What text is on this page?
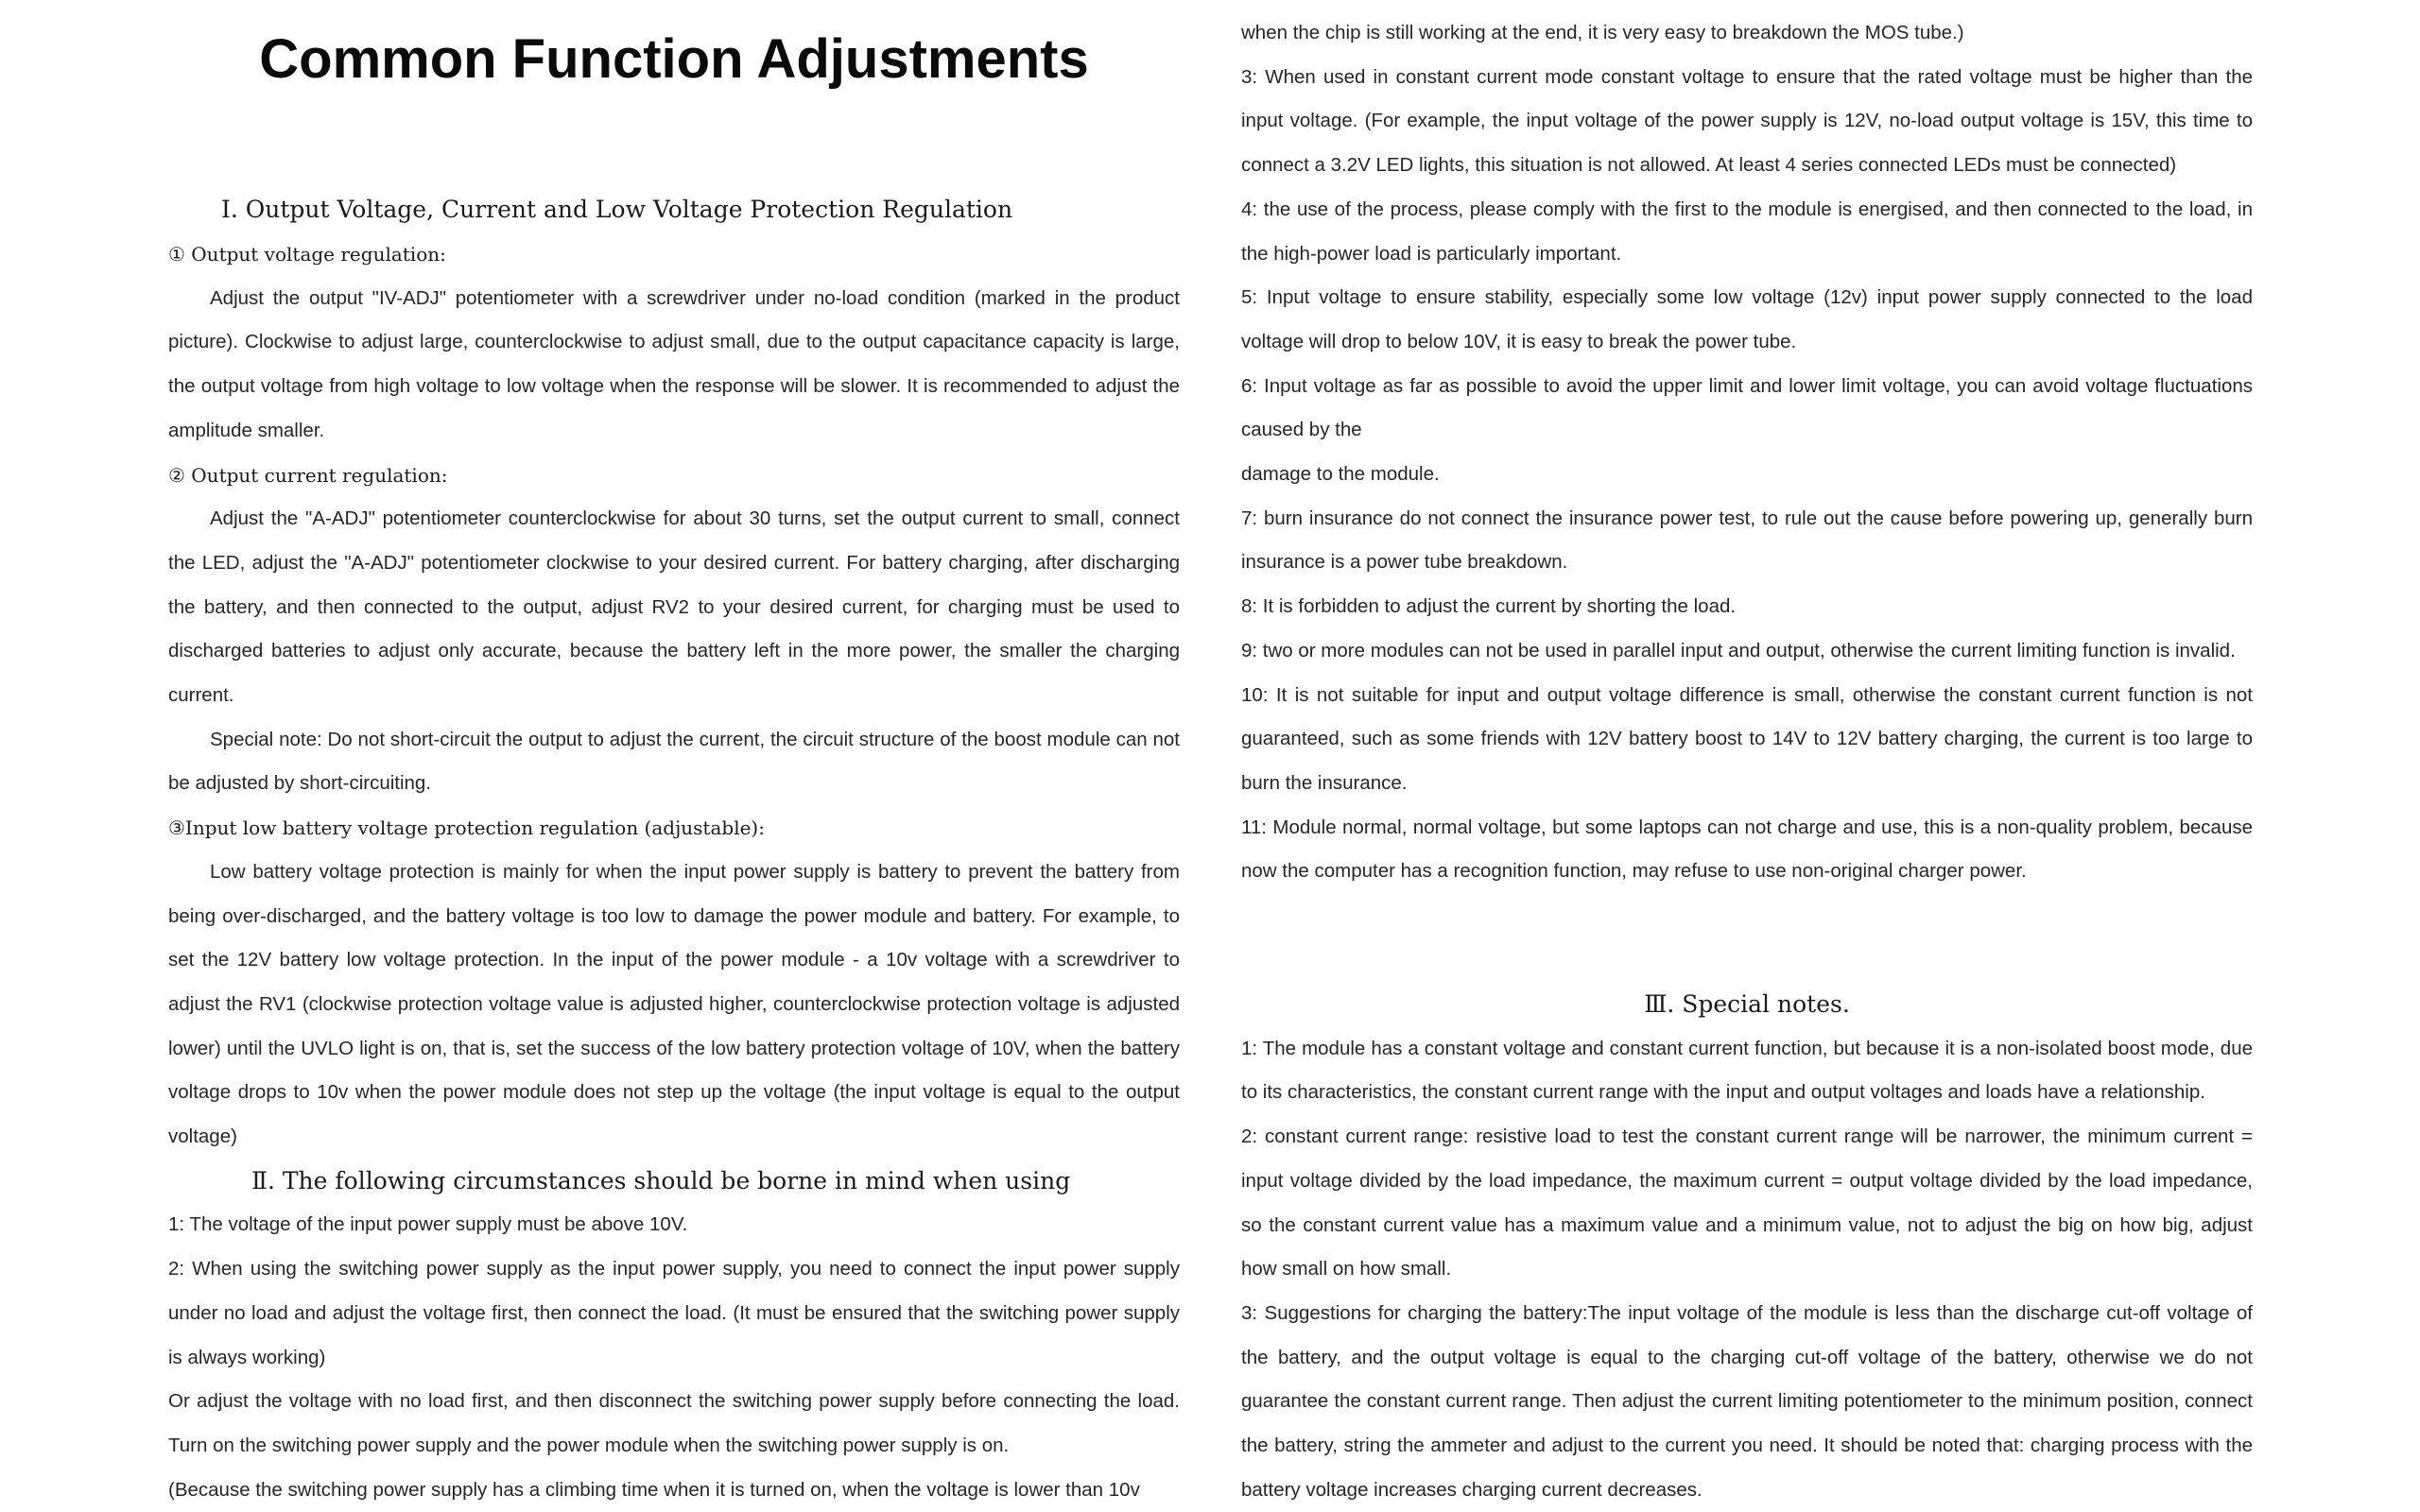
Common Function Adjustments

Ⅰ. Output Voltage, Current and Low Voltage Protection Regulation

① Output voltage regulation:

Adjust the output "IV-ADJ" potentiometer with a screwdriver under no-load condition (marked in the product picture). Clockwise to adjust large, counterclockwise to adjust small, due to the output capacitance capacity is large, the output voltage from high voltage to low voltage when the response will be slower. It is recommended to adjust the amplitude smaller.

② Output current regulation:

Adjust the "A-ADJ" potentiometer counterclockwise for about 30 turns, set the output current to small, connect the LED, adjust the "A-ADJ" potentiometer clockwise to your desired current. For battery charging, after discharging the battery, and then connected to the output, adjust RV2 to your desired current, for charging must be used to discharged batteries to adjust only accurate, because the battery left in the more power, the smaller the charging current.

Special note: Do not short-circuit the output to adjust the current, the circuit structure of the boost module can not be adjusted by short-circuiting.

③Input low battery voltage protection regulation (adjustable):

Low battery voltage protection is mainly for when the input power supply is battery to prevent the battery from being over-discharged, and the battery voltage is too low to damage the power module and battery. For example, to set the 12V battery low voltage protection. In the input of the power module - a 10v voltage with a screwdriver to adjust the RV1 (clockwise protection voltage value is adjusted higher, counterclockwise protection voltage is adjusted lower) until the UVLO light is on, that is, set the success of the low battery protection voltage of 10V, when the battery voltage drops to 10v when the power module does not step up the voltage (the input voltage is equal to the output voltage)

Ⅱ. The following circumstances should be borne in mind when using

1: The voltage of the input power supply must be above 10V.

2: When using the switching power supply as the input power supply, you need to connect the input power supply under no load and adjust the voltage first, then connect the load. (It must be ensured that the switching power supply is always working)

Or adjust the voltage with no load first, and then disconnect the switching power supply before connecting the load. Turn on the switching power supply and the power module when the switching power supply is on.

(Because the switching power supply has a climbing time when it is turned on, when the voltage is lower than 10v

when the chip is still working at the end, it is very easy to breakdown the MOS tube.)

3: When used in constant current mode constant voltage to ensure that the rated voltage must be higher than the input voltage. (For example, the input voltage of the power supply is 12V, no-load output voltage is 15V, this time to connect a 3.2V LED lights, this situation is not allowed. At least 4 series connected LEDs must be connected)

4: the use of the process, please comply with the first to the module is energised, and then connected to the load, in the high-power load is particularly important.

5: Input voltage to ensure stability, especially some low voltage (12v) input power supply connected to the load voltage will drop to below 10V, it is easy to break the power tube.

6: Input voltage as far as possible to avoid the upper limit and lower limit voltage, you can avoid voltage fluctuations caused by the

damage to the module.

7: burn insurance do not connect the insurance power test, to rule out the cause before powering up, generally burn insurance is a power tube breakdown.

8: It is forbidden to adjust the current by shorting the load.

9: two or more modules can not be used in parallel input and output, otherwise the current limiting function is invalid.

10: It is not suitable for input and output voltage difference is small, otherwise the constant current function is not guaranteed, such as some friends with 12V battery boost to 14V to 12V battery charging, the current is too large to burn the insurance.

11: Module normal, normal voltage, but some laptops can not charge and use, this is a non-quality problem, because now the computer has a recognition function, may refuse to use non-original charger power.

Ⅲ. Special notes.

1: The module has a constant voltage and constant current function, but because it is a non-isolated boost mode, due to its characteristics, the constant current range with the input and output voltages and loads have a relationship.

2: constant current range: resistive load to test the constant current range will be narrower, the minimum current = input voltage divided by the load impedance, the maximum current = output voltage divided by the load impedance, so the constant current value has a maximum value and a minimum value, not to adjust the big on how big, adjust how small on how small.

3: Suggestions for charging the battery:The input voltage of the module is less than the discharge cut-off voltage of the battery, and the output voltage is equal to the charging cut-off voltage of the battery, otherwise we do not guarantee the constant current range. Then adjust the current limiting potentiometer to the minimum position, connect the battery, string the ammeter and adjust to the current you need. It should be noted that: charging process with the battery voltage increases charging current decreases.
